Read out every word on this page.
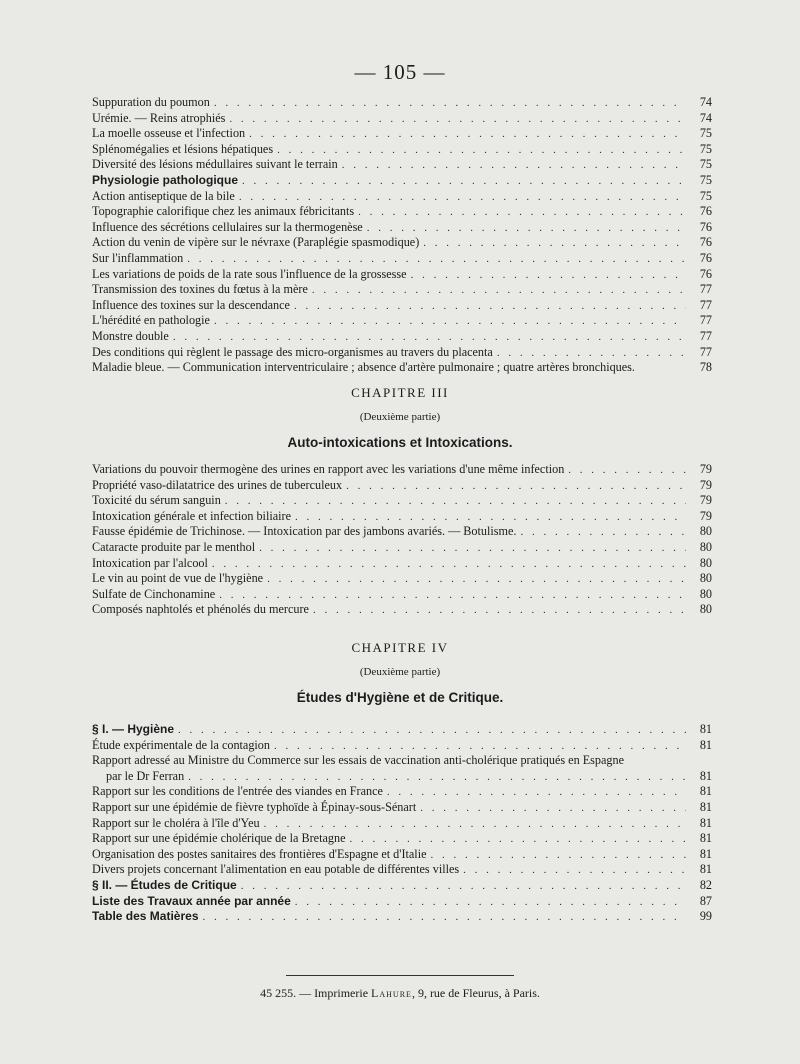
— 105 —
Suppuration du poumon . . .	74
Urémie. — Reins atrophiés . . .	74
La moelle osseuse et l'infection . . .	75
Splénomégalies et lésions hépatiques . . .	75
Diversité des lésions médullaires suivant le terrain . . .	75
Physiologie pathologique . . .	75
Action antiseptique de la bile . . .	75
Topographie calorifique chez les animaux fébricitants . . .	76
Influence des sécrétions cellulaires sur la thermogenèse . . .	76
Action du venin de vipère sur le névraxe (Paraplégie spasmodique) . . .	76
Sur l'inflammation . . .	76
Les variations de poids de la rate sous l'influence de la grossesse . . .	76
Transmission des toxines du fœtus à la mère . . .	77
Influence des toxines sur la descendance . . .	77
L'hérédité en pathologie . . .	77
Monstre double . . .	77
Des conditions qui règlent le passage des micro-organismes au travers du placenta . . .	77
Maladie bleue. — Communication interventriculaire ; absence d'artère pulmonaire ; quatre artères bronchiques.	78
CHAPITRE III
(Deuxième partie)
Auto-intoxications et Intoxications.
Variations du pouvoir thermogène des urines en rapport avec les variations d'une même infection . . .	79
Propriété vaso-dilatatrice des urines de tuberculeux . . .	79
Toxicité du sérum sanguin . . .	79
Intoxication générale et infection biliaire . . .	79
Fausse épidémie de Trichinose. — Intoxication par des jambons avariés. — Botulisme. . . .	80
Cataracte produite par le menthol . . .	80
Intoxication par l'alcool . . .	80
Le vin au point de vue de l'hygiène . . .	80
Sulfate de Cinchonamine . . .	80
Composés naphtolés et phénolés du mercure . . .	80
CHAPITRE IV
(Deuxième partie)
Études d'Hygiène et de Critique.
§ I. — Hygiène . . .	81
Étude expérimentale de la contagion . . .	81
Rapport adressé au Ministre du Commerce sur les essais de vaccination anti-cholérique pratiqués en Espagne
par le Dr Ferran . . .	81
Rapport sur les conditions de l'entrée des viandes en France . . .	81
Rapport sur une épidémie de fièvre typhoïde à Épinay-sous-Sénart . . .	81
Rapport sur le choléra à l'île d'Yeu . . .	81
Rapport sur une épidémie cholérique de la Bretagne . . .	81
Organisation des postes sanitaires des frontières d'Espagne et d'Italie . . .	81
Divers projets concernant l'alimentation en eau potable de différentes villes . . .	81
§ II. — Études de Critique . . .	82
Liste des Travaux année par année . . .	87
Table des Matières . . .	99
45 255. — Imprimerie Lahure, 9, rue de Fleurus, à Paris.
